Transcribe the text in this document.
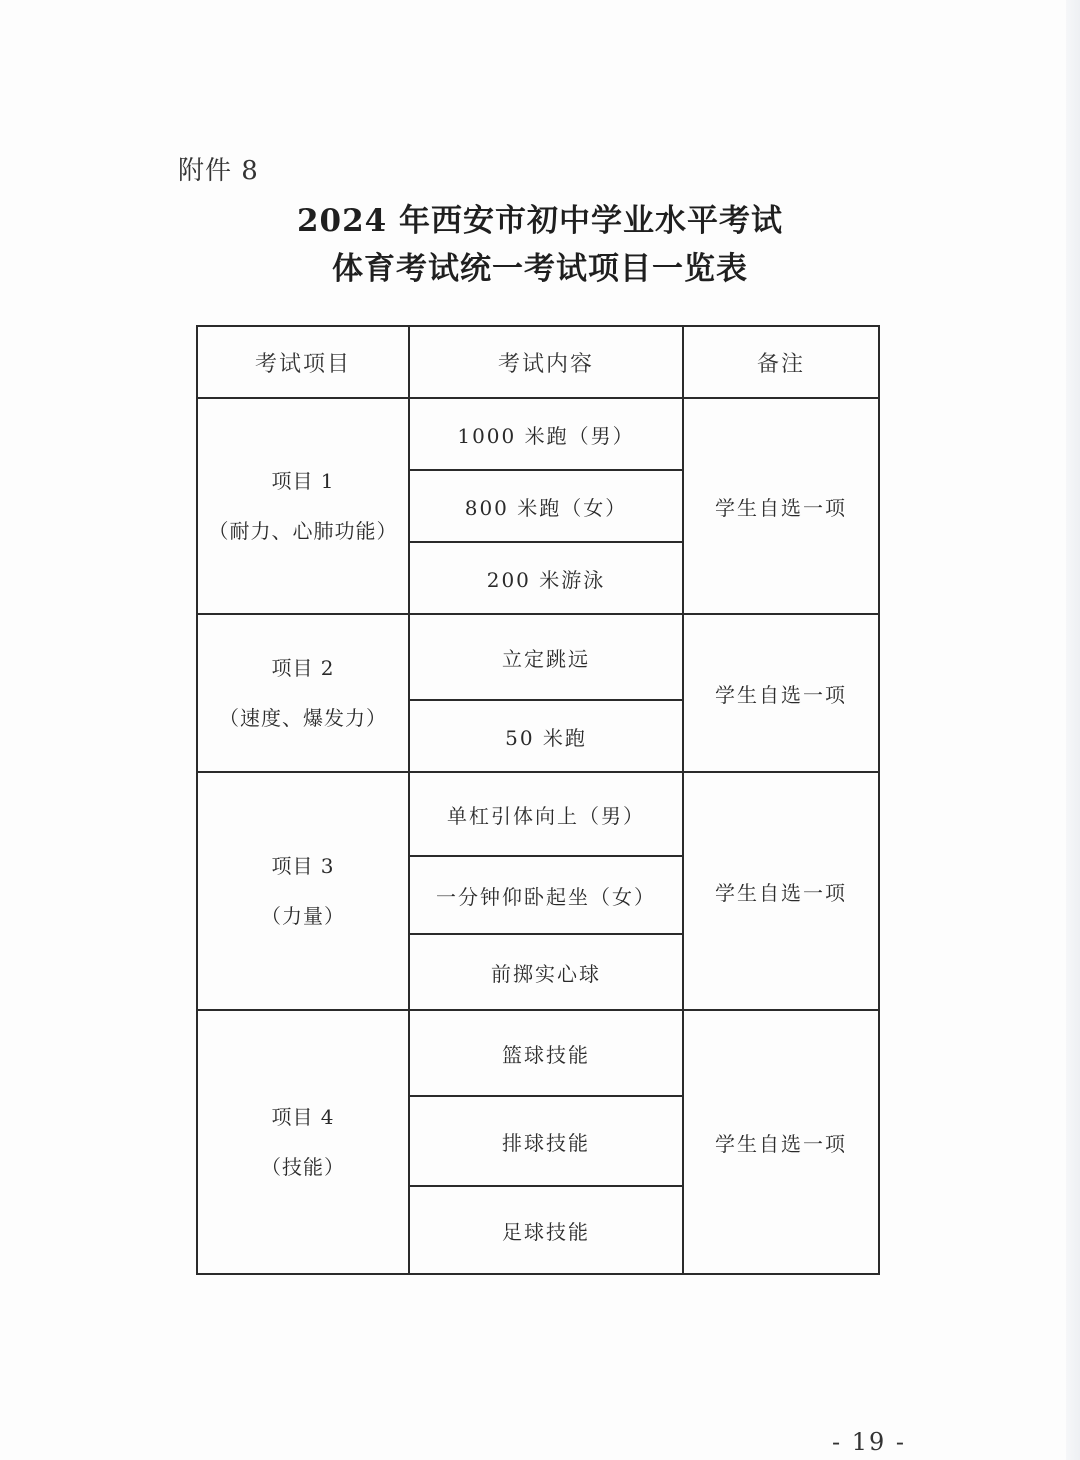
附件 8
2024 年西安市初中学业水平考试
体育考试统一考试项目一览表
考试项目	考试内容	备注

项目 1
（耐力、心肺功能）	1000 米跑（男）	学生自选一项
	800 米跑（女）	
	200 米游泳	

项目 2
（速度、爆发力）	立定跳远	学生自选一项
	50 米跑	

项目 3
（力量）	单杠引体向上（男）	学生自选一项
	一分钟仰卧起坐（女）	
	前掷实心球	

项目 4
（技能）	篮球技能	学生自选一项
	排球技能	
	足球技能	
- 19 -
